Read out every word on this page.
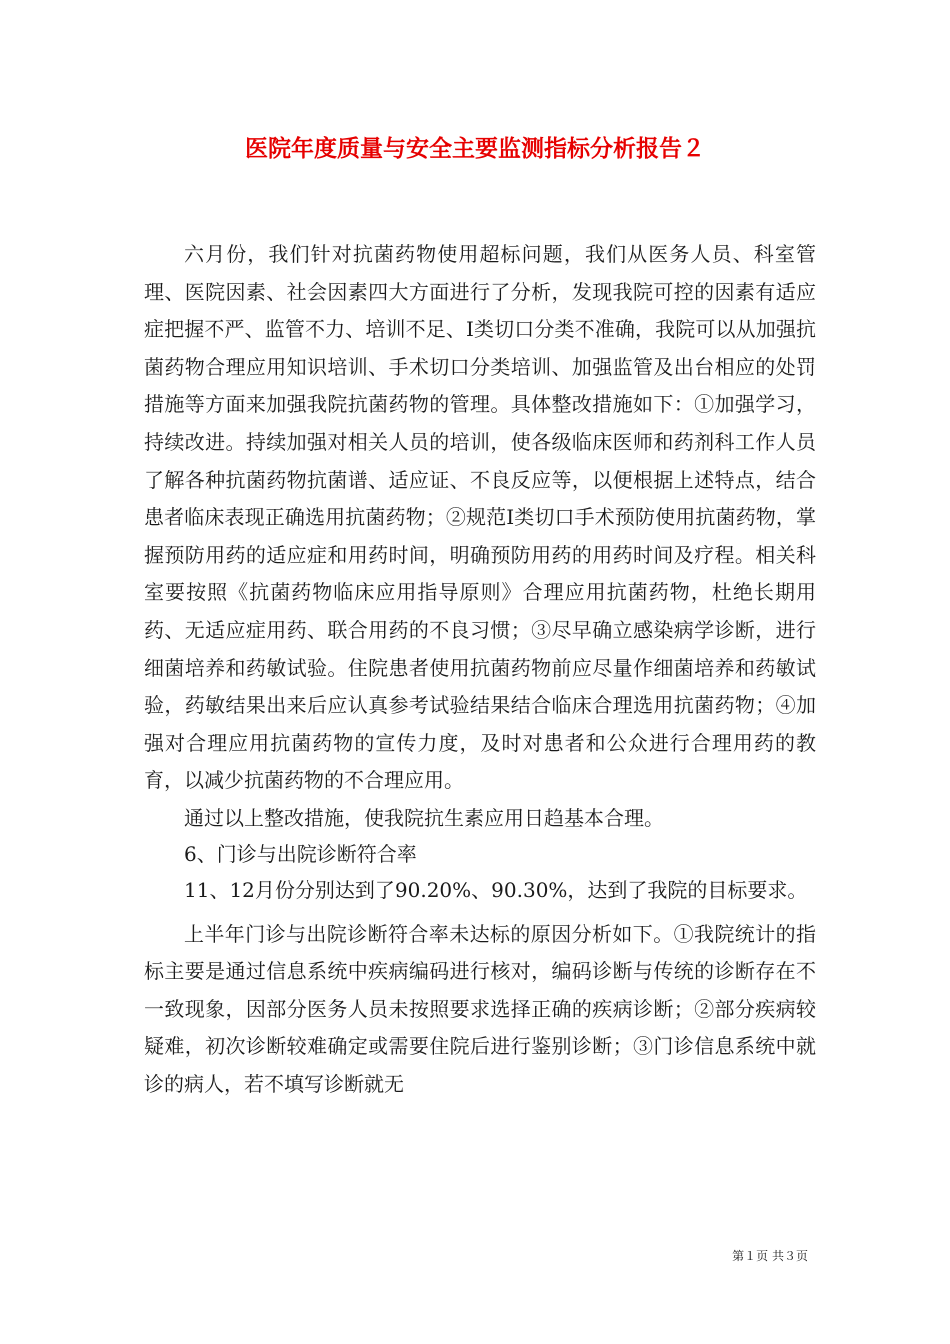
医院年度质量与安全主要监测指标分析报告２

六月份，我们针对抗菌药物使用超标问题，我们从医务人员、科室管理、医院因素、社会因素四大方面进行了分析，发现我院可控的因素有适应症把握不严、监管不力、培训不足、Ⅰ类切口分类不准确，我院可以从加强抗菌药物合理应用知识培训、手术切口分类培训、加强监管及出台相应的处罚措施等方面来加强我院抗菌药物的管理。具体整改措施如下：①加强学习，持续改进。持续加强对相关人员的培训，使各级临床医师和药剂科工作人员了解各种抗菌药物抗菌谱、适应证、不良反应等，以便根据上述特点，结合患者临床表现正确选用抗菌药物；②规范Ⅰ类切口手术预防使用抗菌药物，掌握预防用药的适应症和用药时间，明确预防用药的用药时间及疗程。相关科室要按照《抗菌药物临床应用指导原则》合理应用抗菌药物，杜绝长期用药、无适应症用药、联合用药的不良习惯；③尽早确立感染病学诊断，进行细菌培养和药敏试验。住院患者使用抗菌药物前应尽量作细菌培养和药敏试验，药敏结果出来后应认真参考试验结果结合临床合理选用抗菌药物；④加强对合理应用抗菌药物的宣传力度，及时对患者和公众进行合理用药的教育，以减少抗菌药物的不合理应用。

通过以上整改措施，使我院抗生素应用日趋基本合理。

6、门诊与出院诊断符合率

11、12月份分别达到了90.20%、90.30%，达到了我院的目标要求。

上半年门诊与出院诊断符合率未达标的原因分析如下。①我院统计的指标主要是通过信息系统中疾病编码进行核对，编码诊断与传统的诊断存在不一致现象，因部分医务人员未按照要求选择正确的疾病诊断；②部分疾病较疑难，初次诊断较难确定或需要住院后进行鉴别诊断；③门诊信息系统中就诊的病人，若不填写诊断就无

第１页 共３页
